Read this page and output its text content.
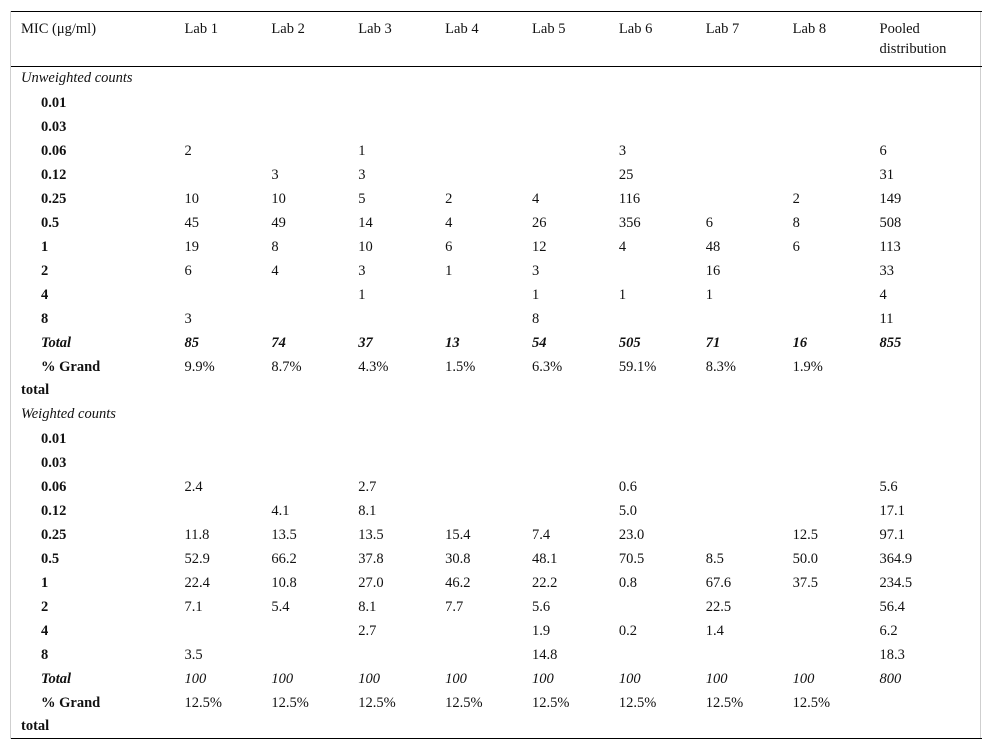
MIC (μg/ml)	Lab 1	Lab 2	Lab 3	Lab 4	Lab 5	Lab 6	Lab 7	Lab 8	Pooled distribution
Unweighted counts									
0.01									
0.03									
0.06	2		1			3			6
0.12		3	3			25			31
0.25	10	10	5	2	4	116		2	149
0.5	45	49	14	4	26	356	6	8	508
1	19	8	10	6	12	4	48	6	113
2	6	4	3	1	3		16		33
4			1		1	1	1		4
8	3				8				11
Total	85	74	37	13	54	505	71	16	855
% Grand	9.9%	8.7%	4.3%	1.5%	6.3%	59.1%	8.3%	1.9%	
total									
Weighted counts									
0.01									
0.03									
0.06	2.4		2.7			0.6			5.6
0.12		4.1	8.1			5.0			17.1
0.25	11.8	13.5	13.5	15.4	7.4	23.0		12.5	97.1
0.5	52.9	66.2	37.8	30.8	48.1	70.5	8.5	50.0	364.9
1	22.4	10.8	27.0	46.2	22.2	0.8	67.6	37.5	234.5
2	7.1	5.4	8.1	7.7	5.6		22.5		56.4
4			2.7		1.9	0.2	1.4		6.2
8	3.5				14.8				18.3
Total	100	100	100	100	100	100	100	100	800
% Grand	12.5%	12.5%	12.5%	12.5%	12.5%	12.5%	12.5%	12.5%	
total									
